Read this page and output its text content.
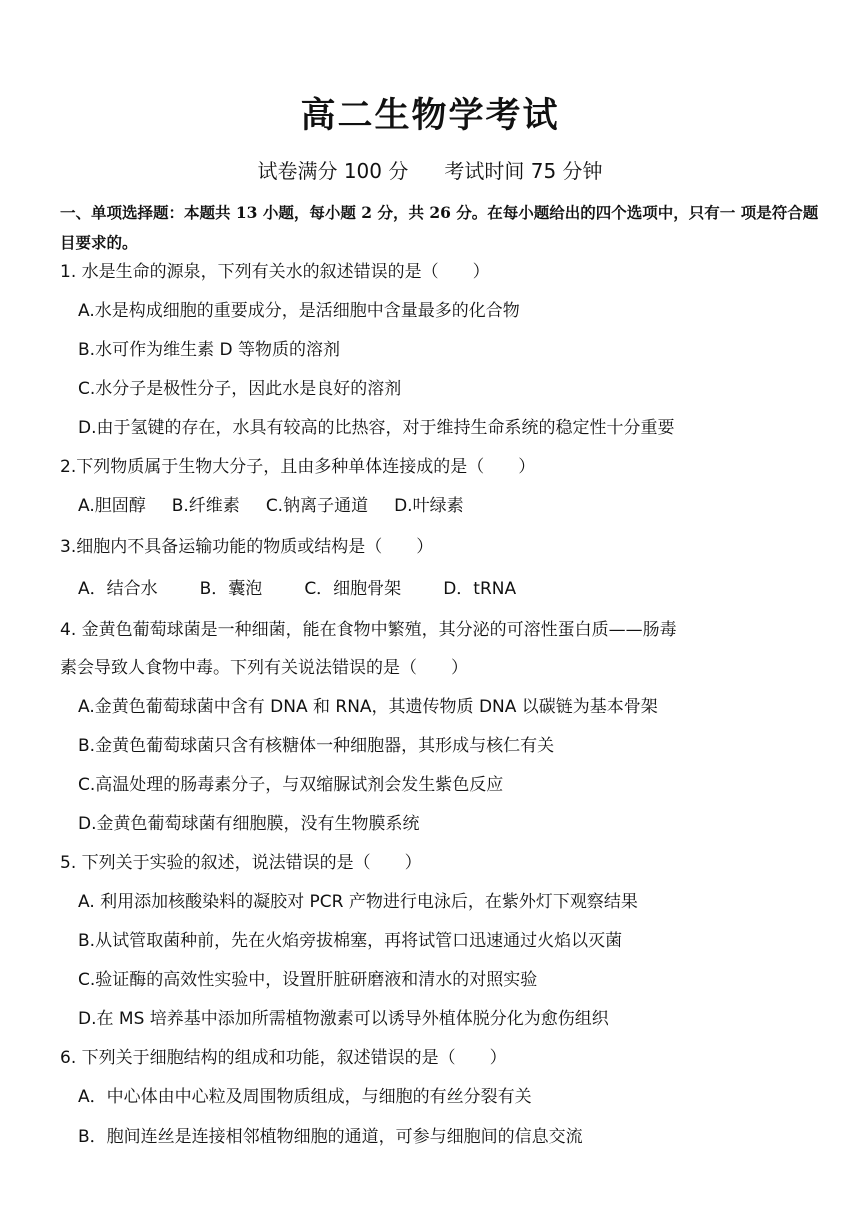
高二生物学考试
试卷满分 100 分 考试时间 75 分钟
一、单项选择题：本题共 13 小题，每小题 2 分，共 26 分。在每小题给出的四个选项中，只有一 项是符合题目要求的。
1. 水是生命的源泉，下列有关水的叙述错误的是（　　）
A.水是构成细胞的重要成分，是活细胞中含量最多的化合物
B.水可作为维生素 D 等物质的溶剂
C.水分子是极性分子，因此水是良好的溶剂
D.由于氢键的存在，水具有较高的比热容，对于维持生命系统的稳定性十分重要
2.下列物质属于生物大分子，且由多种单体连接成的是（　　）
A.胆固醇 B.纤维素 C.钠离子通道 D.叶绿素
3.细胞内不具备运输功能的物质或结构是（　　）
A．结合水 B．囊泡 C．细胞骨架 D．tRNA
4. 金黄色葡萄球菌是一种细菌，能在食物中繁殖，其分泌的可溶性蛋白质——肠毒
素会导致人食物中毒。下列有关说法错误的是（　　）
A.金黄色葡萄球菌中含有 DNA 和 RNA，其遗传物质 DNA 以碳链为基本骨架
B.金黄色葡萄球菌只含有核糖体一种细胞器，其形成与核仁有关
C.高温处理的肠毒素分子，与双缩脲试剂会发生紫色反应
D.金黄色葡萄球菌有细胞膜，没有生物膜系统
5. 下列关于实验的叙述，说法错误的是（　　）
A. 利用添加核酸染料的凝胶对 PCR 产物进行电泳后，在紫外灯下观察结果
B.从试管取菌种前，先在火焰旁拔棉塞，再将试管口迅速通过火焰以灭菌
C.验证酶的高效性实验中，设置肝脏研磨液和清水的对照实验
D.在 MS 培养基中添加所需植物激素可以诱导外植体脱分化为愈伤组织
6. 下列关于细胞结构的组成和功能，叙述错误的是（　　）
A．中心体由中心粒及周围物质组成，与细胞的有丝分裂有关
B．胞间连丝是连接相邻植物细胞的通道，可参与细胞间的信息交流
